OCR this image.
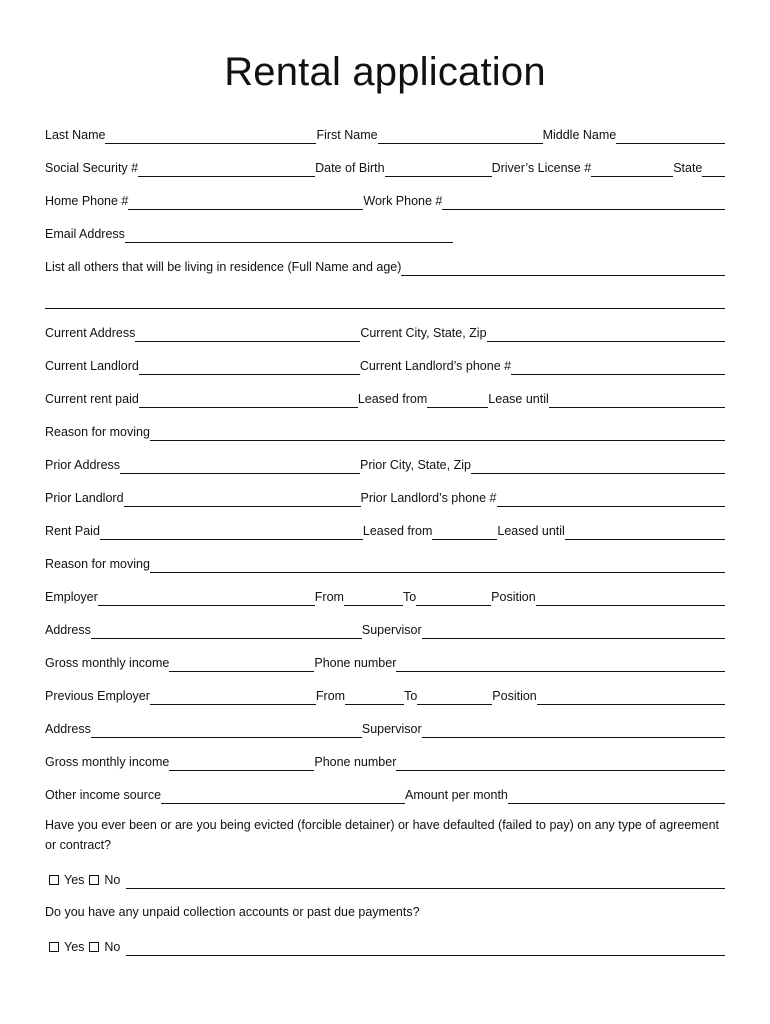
Rental application
Last Name	First Name	Middle Name
Social Security #	Date of Birth	Driver’s License #	State
Home Phone #	Work Phone #
Email Address
List all others that will be living in residence (Full Name and age)
Current Address	Current City, State, Zip
Current Landlord	Current Landlord’s phone #
Current rent paid	Leased from	Lease until
Reason for moving
Prior Address	Prior City, State, Zip
Prior Landlord	Prior Landlord’s phone #
Rent Paid	Leased from	Leased until
Reason for moving
Employer	From	To	Position
Address	Supervisor
Gross monthly income	Phone number
Previous Employer	From	To	Position
Address	Supervisor
Gross monthly income	Phone number
Other income source	Amount per month
Have you ever been or are you being evicted (forcible detainer) or have defaulted (failed to pay) on any type of agreement or contract?
Yes No
Do you have any unpaid collection accounts or past due payments?
Yes No
